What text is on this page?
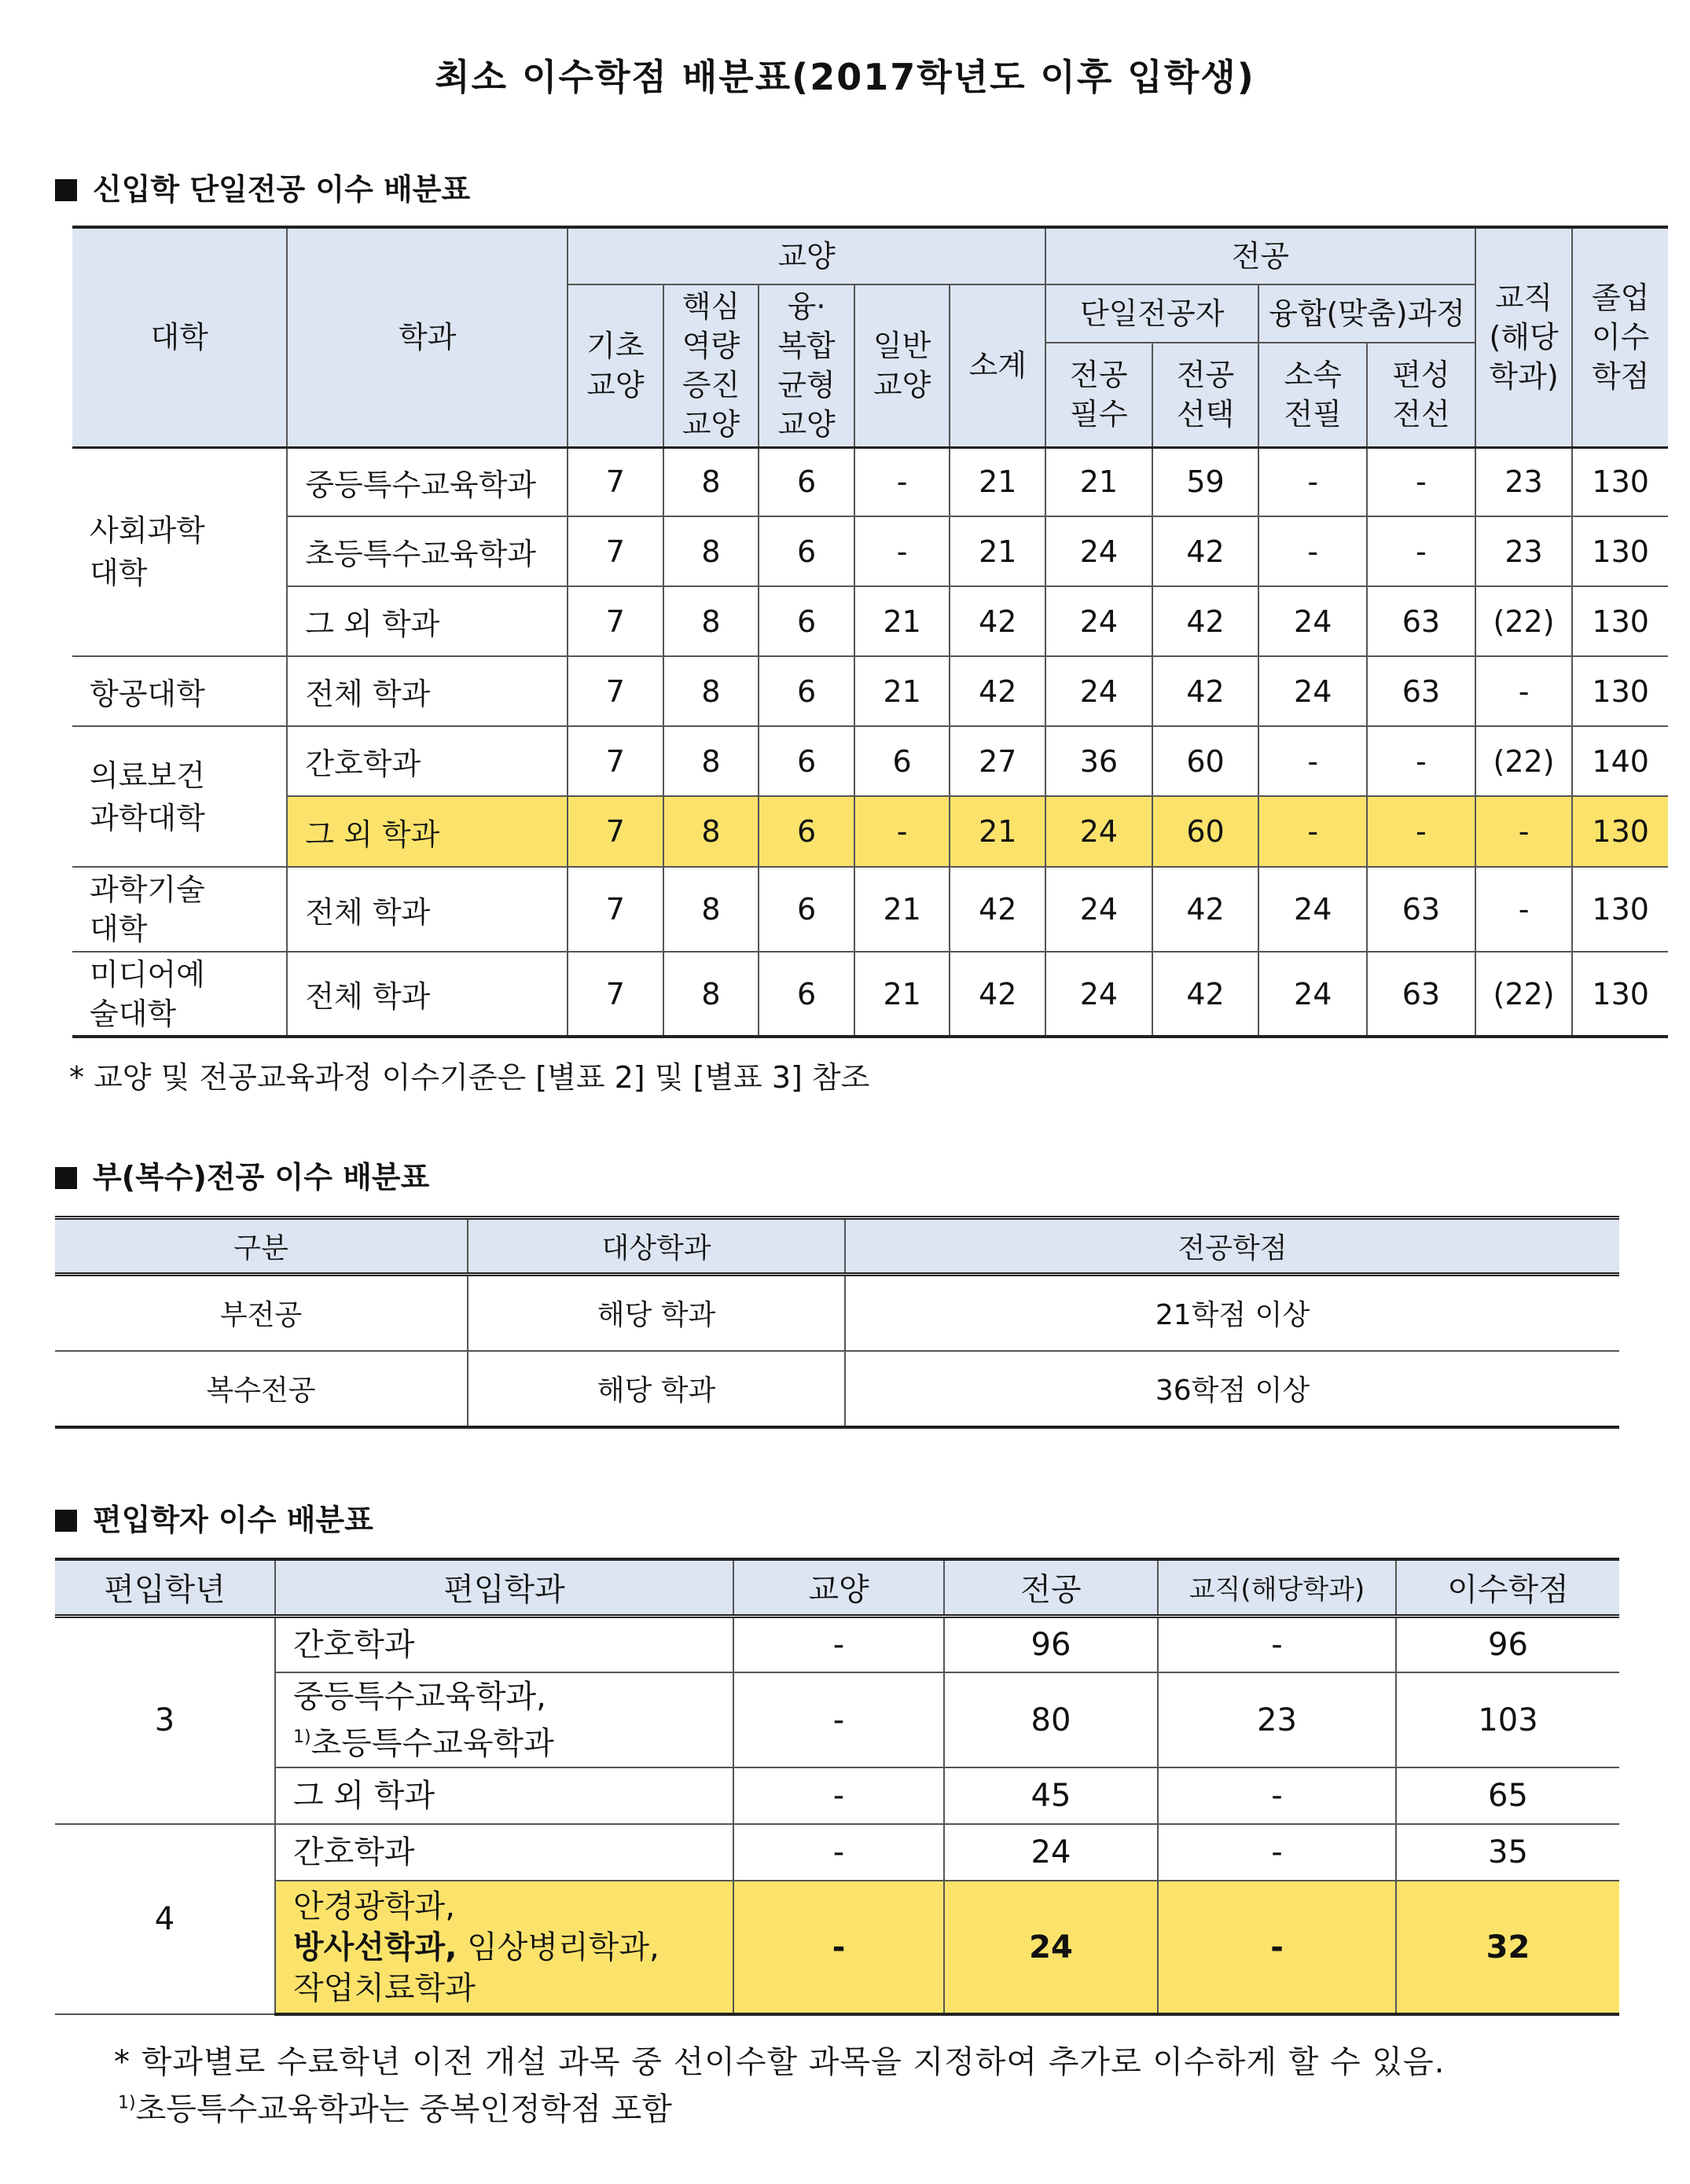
최소 이수학점 배분표(2017학년도 이후 입학생)
신입학 단일전공 이수 배분표
대학	학과	교양					전공				교직(해당학과)	졸업이수학점

		기초교양	핵심역량증진교양	융·복합균형교양	일반교양	소계	단일전공자		융합(맞춤)과정			

							전공필수	전공선택	소속전필	편성전선		

사회과학대학	중등특수교육학과	7	8	6	-	21	21	59	-	-	23	130
	초등특수교육학과	7	8	6	-	21	24	42	-	-	23	130
	그 외 학과	7	8	6	21	42	24	42	24	63	(22)	130
항공대학	전체 학과	7	8	6	21	42	24	42	24	63	-	130

의료보건과학대학	간호학과	7	8	6	6	27	36	60	-	-	(22)	140
	그 외 학과	7	8	6	-	21	24	60	-	-	-	130

과학기술대학	전체 학과	7	8	6	21	42	24	42	24	63	-	130

미디어예술대학	전체 학과	7	8	6	21	42	24	42	24	63	(22)	130
* 교양 및 전공교육과정 이수기준은 [별표 2] 및 [별표 3] 참조
부(복수)전공 이수 배분표
구분	대상학과	전공학점
부전공	해당 학과	21학점 이상
복수전공	해당 학과	36학점 이상
편입학자 이수 배분표
편입학년	편입학과	교양	전공	교직(해당학과)	이수학점
3	간호학과	-	96	-	96

	중등특수교육학과,
$^{1)}$초등특수교육학과	-	80	23	103
	그 외 학과	-	45	-	65
4	간호학과	-	24	-	35

	안경광학과,
방사선학과, 임상병리학과,
작업치료학과	-	24	-	32
* 학과별로 수료학년 이전 개설 과목 중 선이수할 과목을 지정하여 추가로 이수하게 할 수 있음.
$^{1)}$초등특수교육학과는 중복인정학점 포함
